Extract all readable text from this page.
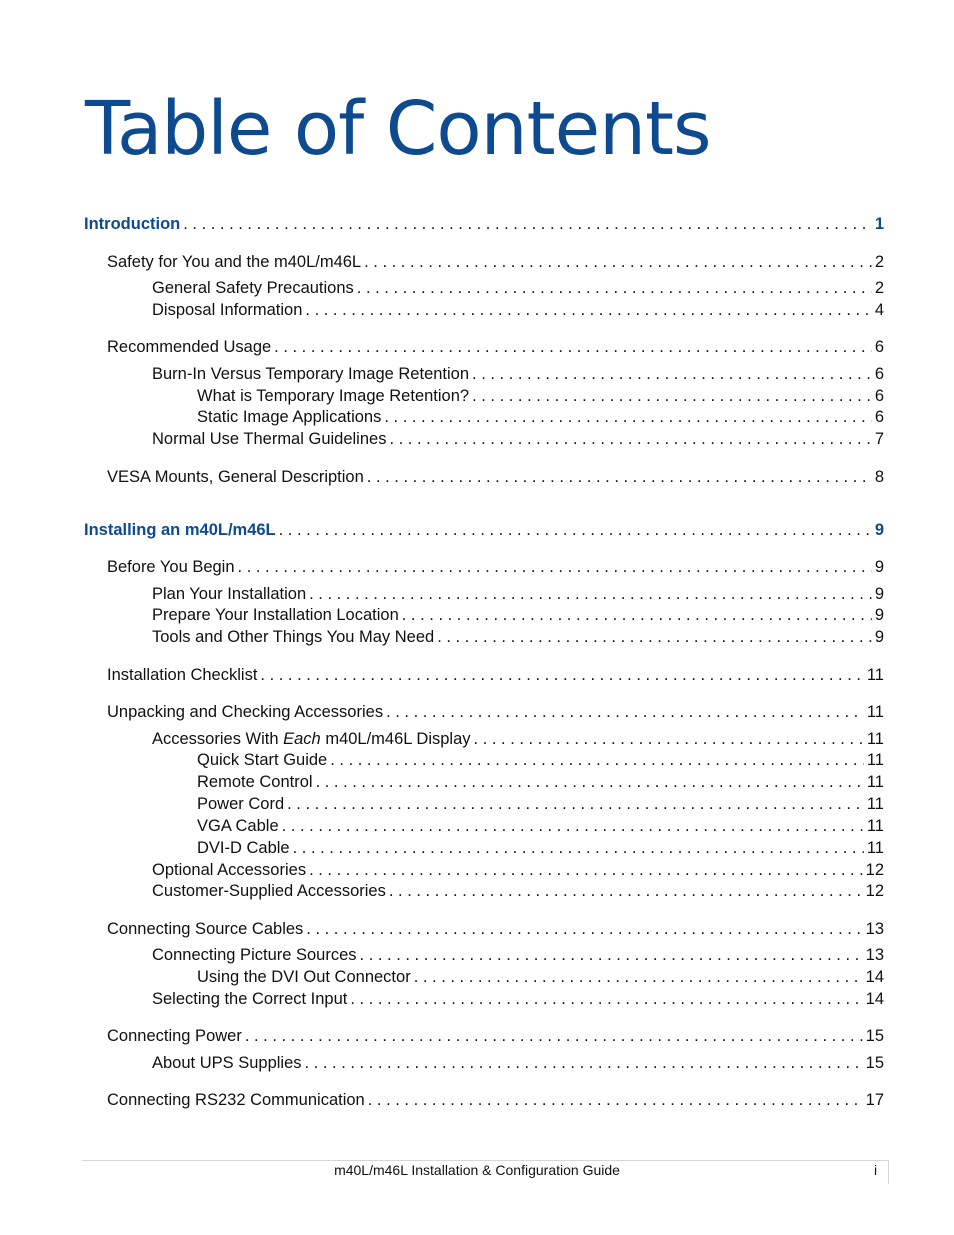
Table of Contents
Introduction . . .	1
Safety for You and the m40L/m46L . . .	2
General Safety Precautions . . .	2
Disposal Information . . .	4
Recommended Usage . . .	6
Burn-In Versus Temporary Image Retention . . .	6
What is Temporary Image Retention? . . .	6
Static Image Applications . . .	6
Normal Use Thermal Guidelines . . .	7
VESA Mounts, General Description . . .	8
Installing an m40L/m46L . . .	9
Before You Begin . . .	9
Plan Your Installation . . .	9
Prepare Your Installation Location . . .	9
Tools and Other Things You May Need . . .	9
Installation Checklist . . .	11
Unpacking and Checking Accessories . . .	11
Accessories With Each m40L/m46L Display . . .	11
Quick Start Guide . . .	11
Remote Control . . .	11
Power Cord . . .	11
VGA Cable . . .	11
DVI-D Cable . . .	11
Optional Accessories . . .	12
Customer-Supplied Accessories . . .	12
Connecting Source Cables . . .	13
Connecting Picture Sources . . .	13
Using the DVI Out Connector . . .	14
Selecting the Correct Input . . .	14
Connecting Power . . .	15
About UPS Supplies . . .	15
Connecting RS232 Communication . . .	17
m40L/m46L Installation & Configuration Guide	i
